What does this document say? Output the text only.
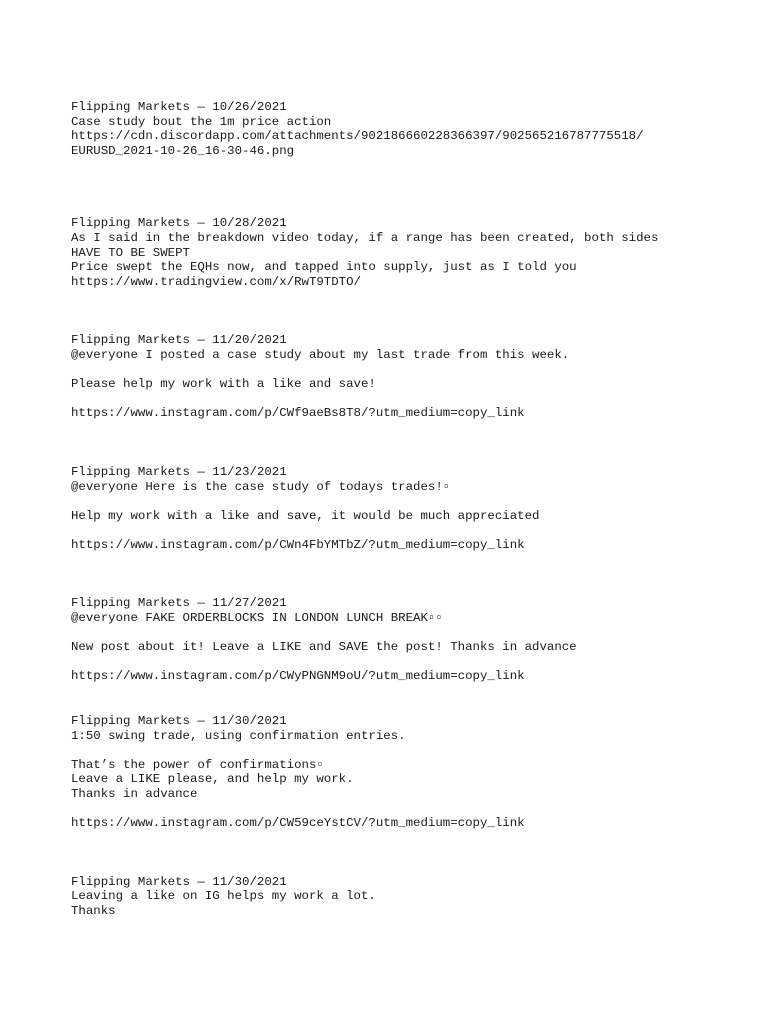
Flipping Markets — 10/26/2021
Case study bout the 1m price action
https://cdn.discordapp.com/attachments/902186660228366397/902565216787775518/
EURUSD_2021-10-26_16-30-46.png
Flipping Markets — 10/28/2021
As I said in the breakdown video today, if a range has been created, both sides
HAVE TO BE SWEPT
Price swept the EQHs now, and tapped into supply, just as I told you
https://www.tradingview.com/x/RwT9TDTO/
Flipping Markets — 11/20/2021
@everyone I posted a case study about my last trade from this week.
Please help my work with a like and save!
https://www.instagram.com/p/CWf9aeBs8T8/?utm_medium=copy_link
Flipping Markets — 11/23/2021
@everyone Here is the case study of todays trades!▫
Help my work with a like and save, it would be much appreciated
https://www.instagram.com/p/CWn4FbYMTbZ/?utm_medium=copy_link
Flipping Markets — 11/27/2021
@everyone FAKE ORDERBLOCKS IN LONDON LUNCH BREAK▫▫
New post about it! Leave a LIKE and SAVE the post! Thanks in advance
https://www.instagram.com/p/CWyPNGNM9oU/?utm_medium=copy_link
Flipping Markets — 11/30/2021
1:50 swing trade, using confirmation entries.
That’s the power of confirmations▫
Leave a LIKE please, and help my work.
Thanks in advance
https://www.instagram.com/p/CW59ceYstCV/?utm_medium=copy_link
Flipping Markets — 11/30/2021
Leaving a like on IG helps my work a lot.
Thanks
